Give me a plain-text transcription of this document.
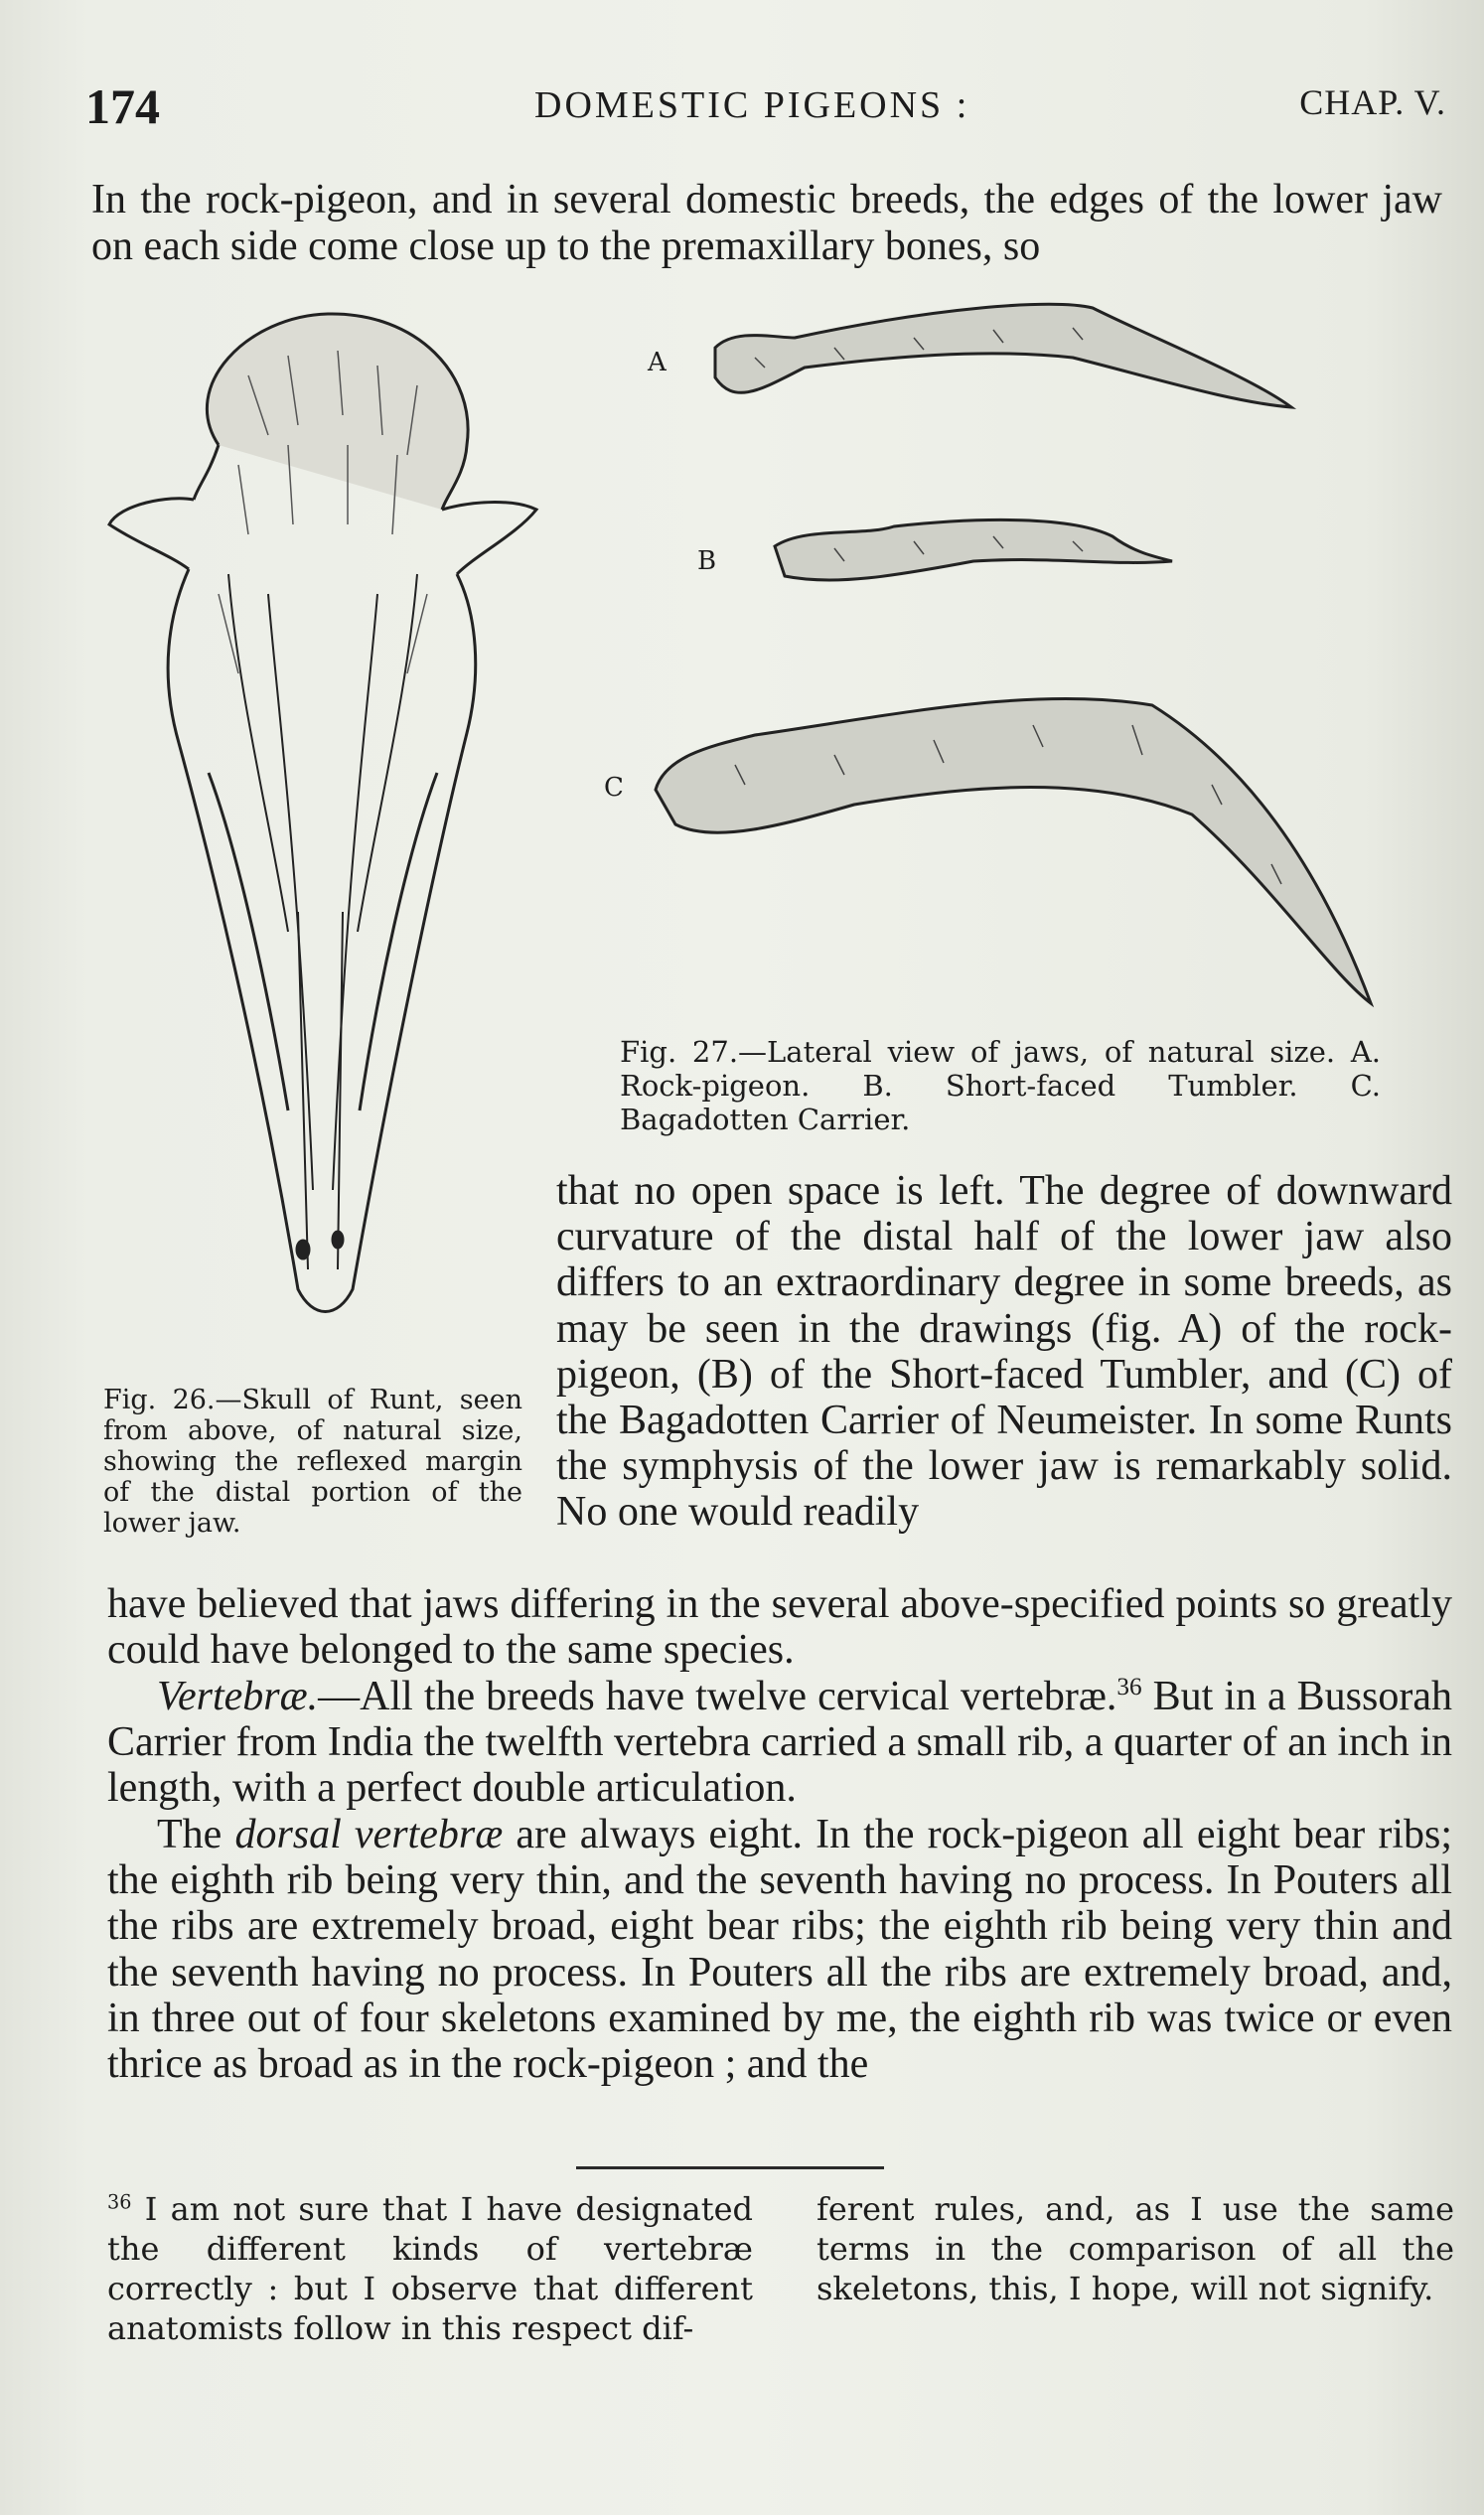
174	DOMESTIC PIGEONS :	CHAP. V.

In the rock-pigeon, and in several domestic breeds, the edges of the lower jaw on each side come close up to the premaxillary bones, so

A
B
C
Fig. 27.—Lateral view of jaws, of natural size. A. Rock-pigeon. B. Short-faced Tumbler. C. Bagadotten Carrier.
Fig. 26.—Skull of Runt, seen from above, of natural size, showing the reflexed margin of the distal portion of the lower jaw.

that no open space is left. The degree of downward curvature of the distal half of the lower jaw also differs to an extraordinary degree in some breeds, as may be seen in the drawings (fig. A) of the rock-pigeon, (B) of the Short-faced Tumbler, and (C) of the Bagadotten Carrier of Neumeister. In some Runts the symphysis of the lower jaw is remarkably solid. No one would readily

have believed that jaws differing in the several above-specified points so greatly could have belonged to the same species.

Vertebræ.—All the breeds have twelve cervical vertebræ.$^{36}$ But in a Bussorah Carrier from India the twelfth vertebra carried a small rib, a quarter of an inch in length, with a perfect double articulation.

The dorsal vertebræ are always eight. In the rock-pigeon all eight bear ribs; the eighth rib being very thin, and the seventh having no process. In Pouters all the ribs are extremely broad, eight bear ribs; the eighth rib being very thin and the seventh having no process. In Pouters all the ribs are extremely broad, and, in three out of four skeletons examined by me, the eighth rib was twice or even thrice as broad as in the rock-pigeon ; and the

$^{36}$ I am not sure that I have designated the different kinds of vertebræ correctly : but I observe that different anatomists follow in this respect dif-
ferent rules, and, as I use the same terms in the comparison of all the skeletons, this, I hope, will not signify.
